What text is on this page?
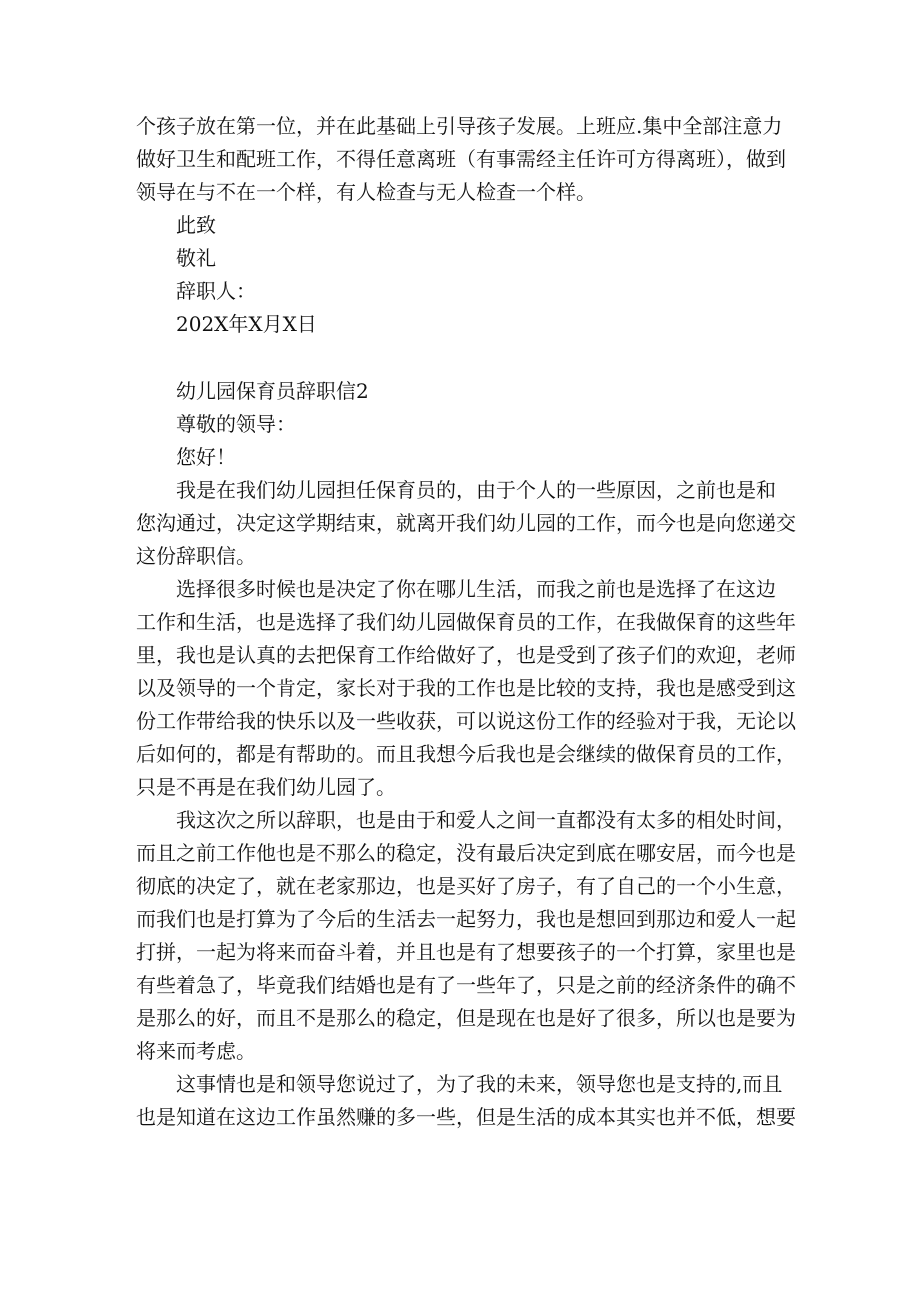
个孩子放在第一位，并在此基础上引导孩子发展。上班应.集中全部注意力
做好卫生和配班工作，不得任意离班（有事需经主任许可方得离班），做到
领导在与不在一个样，有人检查与无人检查一个样。
此致
敬礼
辞职人：
202X年X月X日
幼儿园保育员辞职信2
尊敬的领导：
您好！
我是在我们幼儿园担任保育员的，由于个人的一些原因，之前也是和
您沟通过，决定这学期结束，就离开我们幼儿园的工作，而今也是向您递交
这份辞职信。
选择很多时候也是决定了你在哪儿生活，而我之前也是选择了在这边
工作和生活，也是选择了我们幼儿园做保育员的工作，在我做保育的这些年
里，我也是认真的去把保育工作给做好了，也是受到了孩子们的欢迎，老师
以及领导的一个肯定，家长对于我的工作也是比较的支持，我也是感受到这
份工作带给我的快乐以及一些收获，可以说这份工作的经验对于我，无论以
后如何的，都是有帮助的。而且我想今后我也是会继续的做保育员的工作，
只是不再是在我们幼儿园了。
我这次之所以辞职，也是由于和爱人之间一直都没有太多的相处时间，
而且之前工作他也是不那么的稳定，没有最后决定到底在哪安居，而今也是
彻底的决定了，就在老家那边，也是买好了房子，有了自己的一个小生意，
而我们也是打算为了今后的生活去一起努力，我也是想回到那边和爱人一起
打拼，一起为将来而奋斗着，并且也是有了想要孩子的一个打算，家里也是
有些着急了，毕竟我们结婚也是有了一些年了，只是之前的经济条件的确不
是那么的好，而且不是那么的稳定，但是现在也是好了很多，所以也是要为
将来而考虑。
这事情也是和领导您说过了，为了我的未来，领导您也是支持的,而且
也是知道在这边工作虽然赚的多一些，但是生活的成本其实也并不低，想要
